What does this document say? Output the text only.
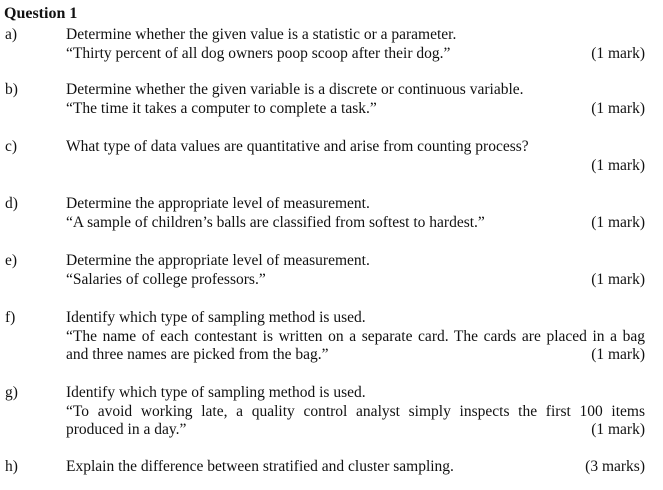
Question 1
a)	Determine whether the given value is a statistic or a parameter.
“Thirty percent of all dog owners poop scoop after their dog.”	(1 mark)
b)	Determine whether the given variable is a discrete or continuous variable.
“The time it takes a computer to complete a task.”	(1 mark)
c)	What type of data values are quantitative and arise from counting process?
(1 mark)
d)	Determine the appropriate level of measurement.
“A sample of children’s balls are classified from softest to hardest.”	(1 mark)
e)	Determine the appropriate level of measurement.
“Salaries of college professors.”	(1 mark)
f)	Identify which type of sampling method is used.
“The name of each contestant is written on a separate card. The cards are placed in a bag
and three names are picked from the bag.”	(1 mark)
g)	Identify which type of sampling method is used.
“To avoid working late, a quality control analyst simply inspects the first 100 items
produced in a day.”	(1 mark)
h)	Explain the difference between stratified and cluster sampling.	(3 marks)
